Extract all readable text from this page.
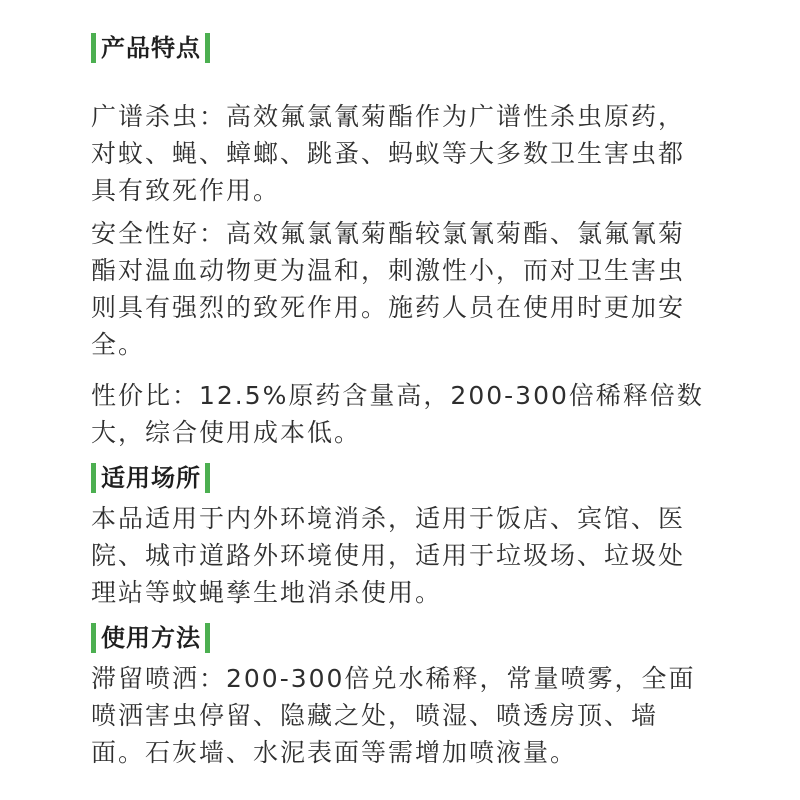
产品特点

广谱杀虫：高效氟氯氰菊酯作为广谱性杀虫原药，
对蚊、蝇、蟑螂、跳蚤、蚂蚁等大多数卫生害虫都
具有致死作用。

安全性好：高效氟氯氰菊酯较氯氰菊酯、氯氟氰菊
酯对温血动物更为温和，刺激性小，而对卫生害虫
则具有强烈的致死作用。施药人员在使用时更加安
全。

性价比：12.5%原药含量高，200-300倍稀释倍数
大，综合使用成本低。

适用场所

本品适用于内外环境消杀，适用于饭店、宾馆、医
院、城市道路外环境使用，适用于垃圾场、垃圾处
理站等蚊蝇孳生地消杀使用。

使用方法

滞留喷洒：200-300倍兑水稀释，常量喷雾，全面
喷洒害虫停留、隐藏之处，喷湿、喷透房顶、墙
面。石灰墙、水泥表面等需增加喷液量。
